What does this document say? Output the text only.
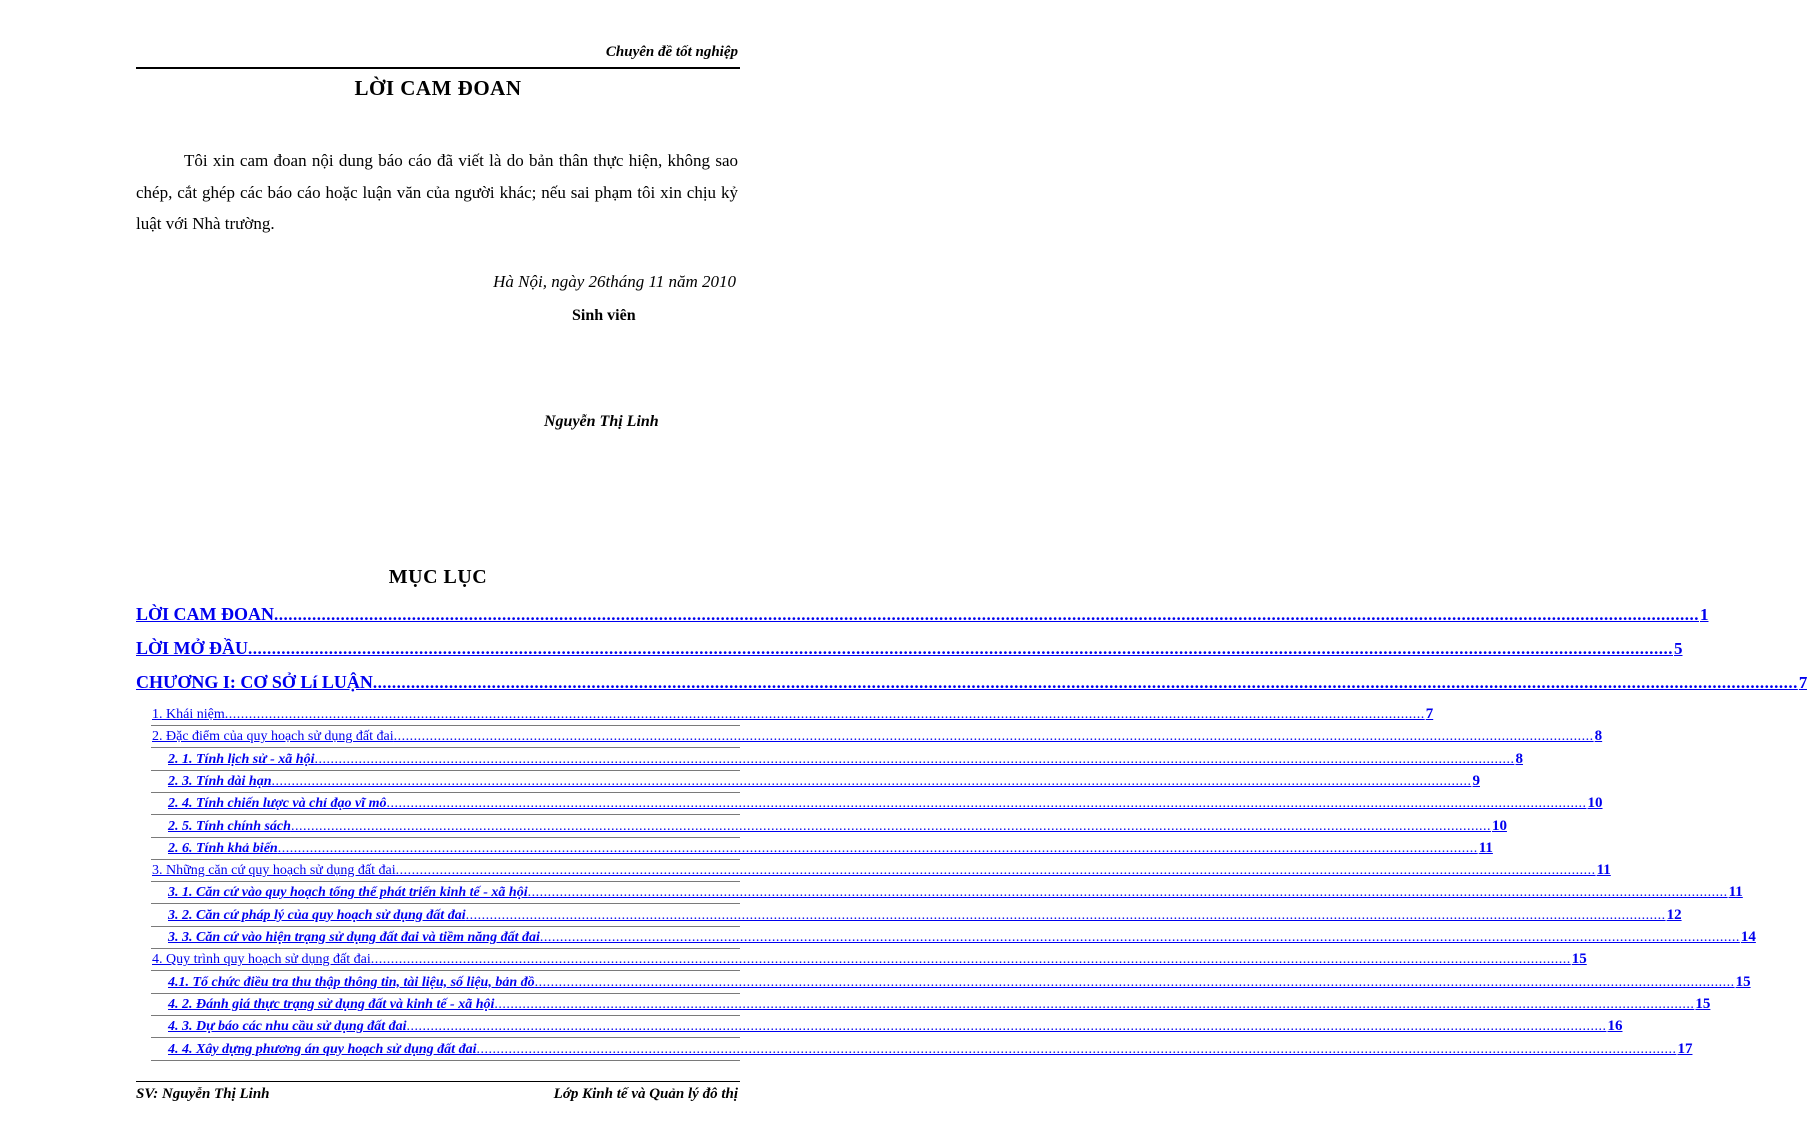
Chuyên đề tốt nghiệp
LỜI CAM ĐOAN
Tôi xin cam đoan nội dung báo cáo đã viết là do bản thân thực hiện, không sao chép, cắt ghép các báo cáo hoặc luận văn của người khác; nếu sai phạm tôi xin chịu kỷ luật với Nhà trường.
Hà Nội, ngày 26tháng 11 năm 2010
Sinh viên
Nguyễn Thị Linh
MỤC LỤC
LỜI CAM ĐOAN ............................................................................................................................................................................................................................................................................................................ 1
LỜI MỞ ĐẦU ............................................................................................................................................................................................................................................................................................................ 5
CHƯƠNG I: CƠ SỞ Lí LUẬN ............................................................................................................................................................................................................................................................................................................ 7
1. Khái niệm ............................................................................................................................................................................................................................................................................................................ 7
2. Đặc điểm của quy hoạch sử dụng đất đai ............................................................................................................................................................................................................................................................................................................ 8
2. 1. Tính lịch sử - xã hội ............................................................................................................................................................................................................................................................................................................ 8
2. 3. Tính dài hạn ............................................................................................................................................................................................................................................................................................................ 9
2. 4. Tính chiến lược và chỉ đạo vĩ mô ............................................................................................................................................................................................................................................................................................................ 10
2. 5. Tính chính sách ............................................................................................................................................................................................................................................................................................................ 10
2. 6. Tính khả biến ............................................................................................................................................................................................................................................................................................................ 11
3. Những căn cứ quy hoạch sử dụng đất đai ............................................................................................................................................................................................................................................................................................................ 11
3. 1. Căn cứ vào quy hoạch tổng thể phát triển kinh tế - xã hội ............................................................................................................................................................................................................................................................................................................ 11
3. 2. Căn cứ pháp lý của quy hoạch sử dụng đất đai ............................................................................................................................................................................................................................................................................................................ 12
3. 3. Căn cứ vào hiện trạng sử dụng đất đai và tiềm năng đất đai ............................................................................................................................................................................................................................................................................................................ 14
4. Quy trình quy hoạch sử dụng đất đai ............................................................................................................................................................................................................................................................................................................ 15
4.1. Tổ chức điều tra thu thập thông tin, tài liệu, số liệu, bản đồ ............................................................................................................................................................................................................................................................................................................ 15
4. 2. Đánh giá thực trạng sử dụng đất và kinh tế - xã hội ............................................................................................................................................................................................................................................................................................................ 15
4. 3. Dự báo các nhu cầu sử dụng đất đai ............................................................................................................................................................................................................................................................................................................ 16
4. 4. Xây dựng phương án quy hoạch sử dụng đất đai ............................................................................................................................................................................................................................................................................................................ 17
SV: Nguyễn Thị Linh	Lớp Kinh tế và Quản lý đô thị
